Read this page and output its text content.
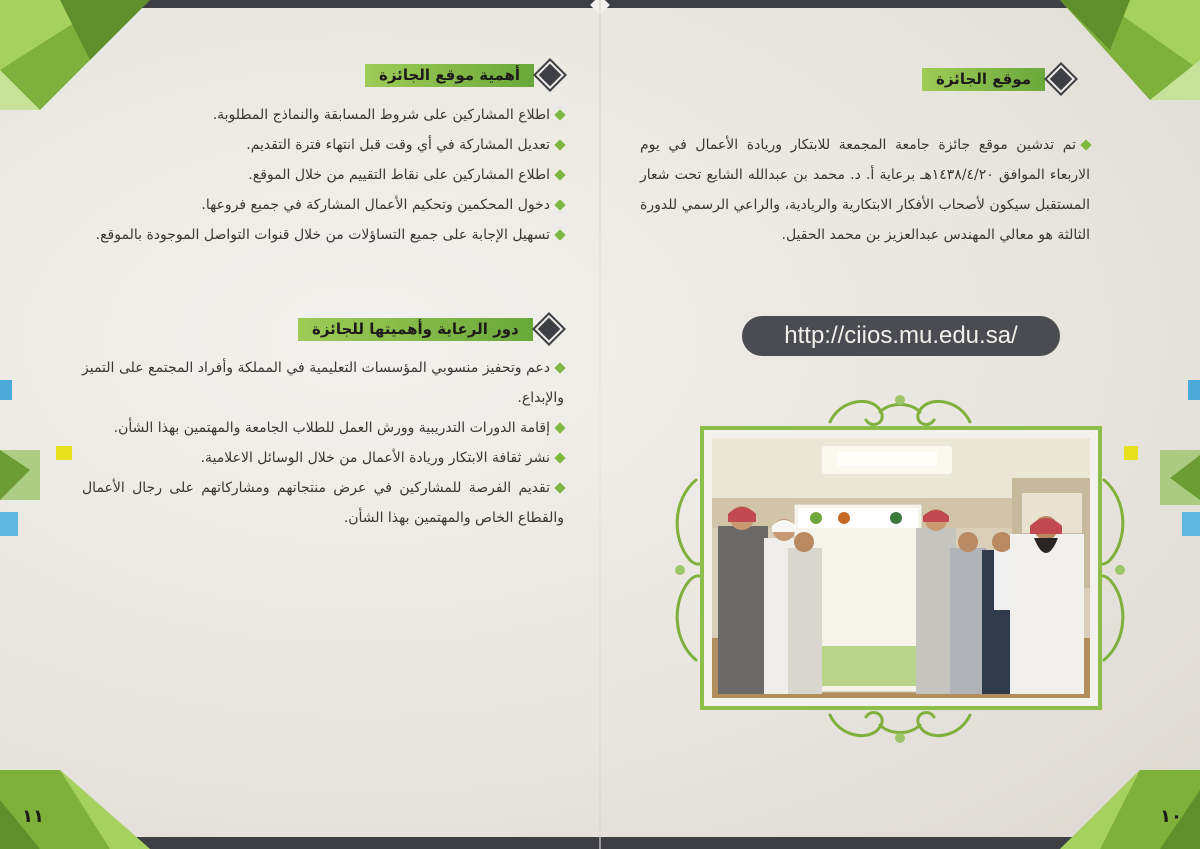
موقع الجائزة

تم تدشين موقع جائزة جامعة المجمعة للابتكار وريادة الأعمال في يوم الاربعاء الموافق ١٤٣٨/٤/٢٠هـ برعاية أ. د. محمد بن عبدالله الشايع تحت شعار المستقبل سيكون لأصحاب الأفكار الابتكارية والريادية، والراعي الرسمي للدورة الثالثة هو معالي المهندس عبدالعزيز بن محمد الحقيل.

http://ciios.mu.edu.sa/
١٠
أهمية موقع الجائزة

اطلاع المشاركين على شروط المسابقة والنماذج المطلوبة.

تعديل المشاركة في أي وقت قبل انتهاء فترة التقديم.

اطلاع المشاركين على نقاط التقييم من خلال الموقع.

دخول المحكمين وتحكيم الأعمال المشاركة في جميع فروعها.

تسهيل الإجابة على جميع التساؤلات من خلال قنوات التواصل الموجودة بالموقع.

دور الرعاية وأهميتها للجائزة

دعم وتحفيز منسوبي المؤسسات التعليمية في المملكة وأفراد المجتمع على التميز والإبداع.

إقامة الدورات التدريبية وورش العمل للطلاب الجامعة والمهتمين بهذا الشأن.

نشر ثقافة الابتكار وريادة الأعمال من خلال الوسائل الاعلامية.

تقديم الفرصة للمشاركين في عرض منتجاتهم ومشاركاتهم على رجال الأعمال والقطاع الخاص والمهتمين بهذا الشأن.

١١
